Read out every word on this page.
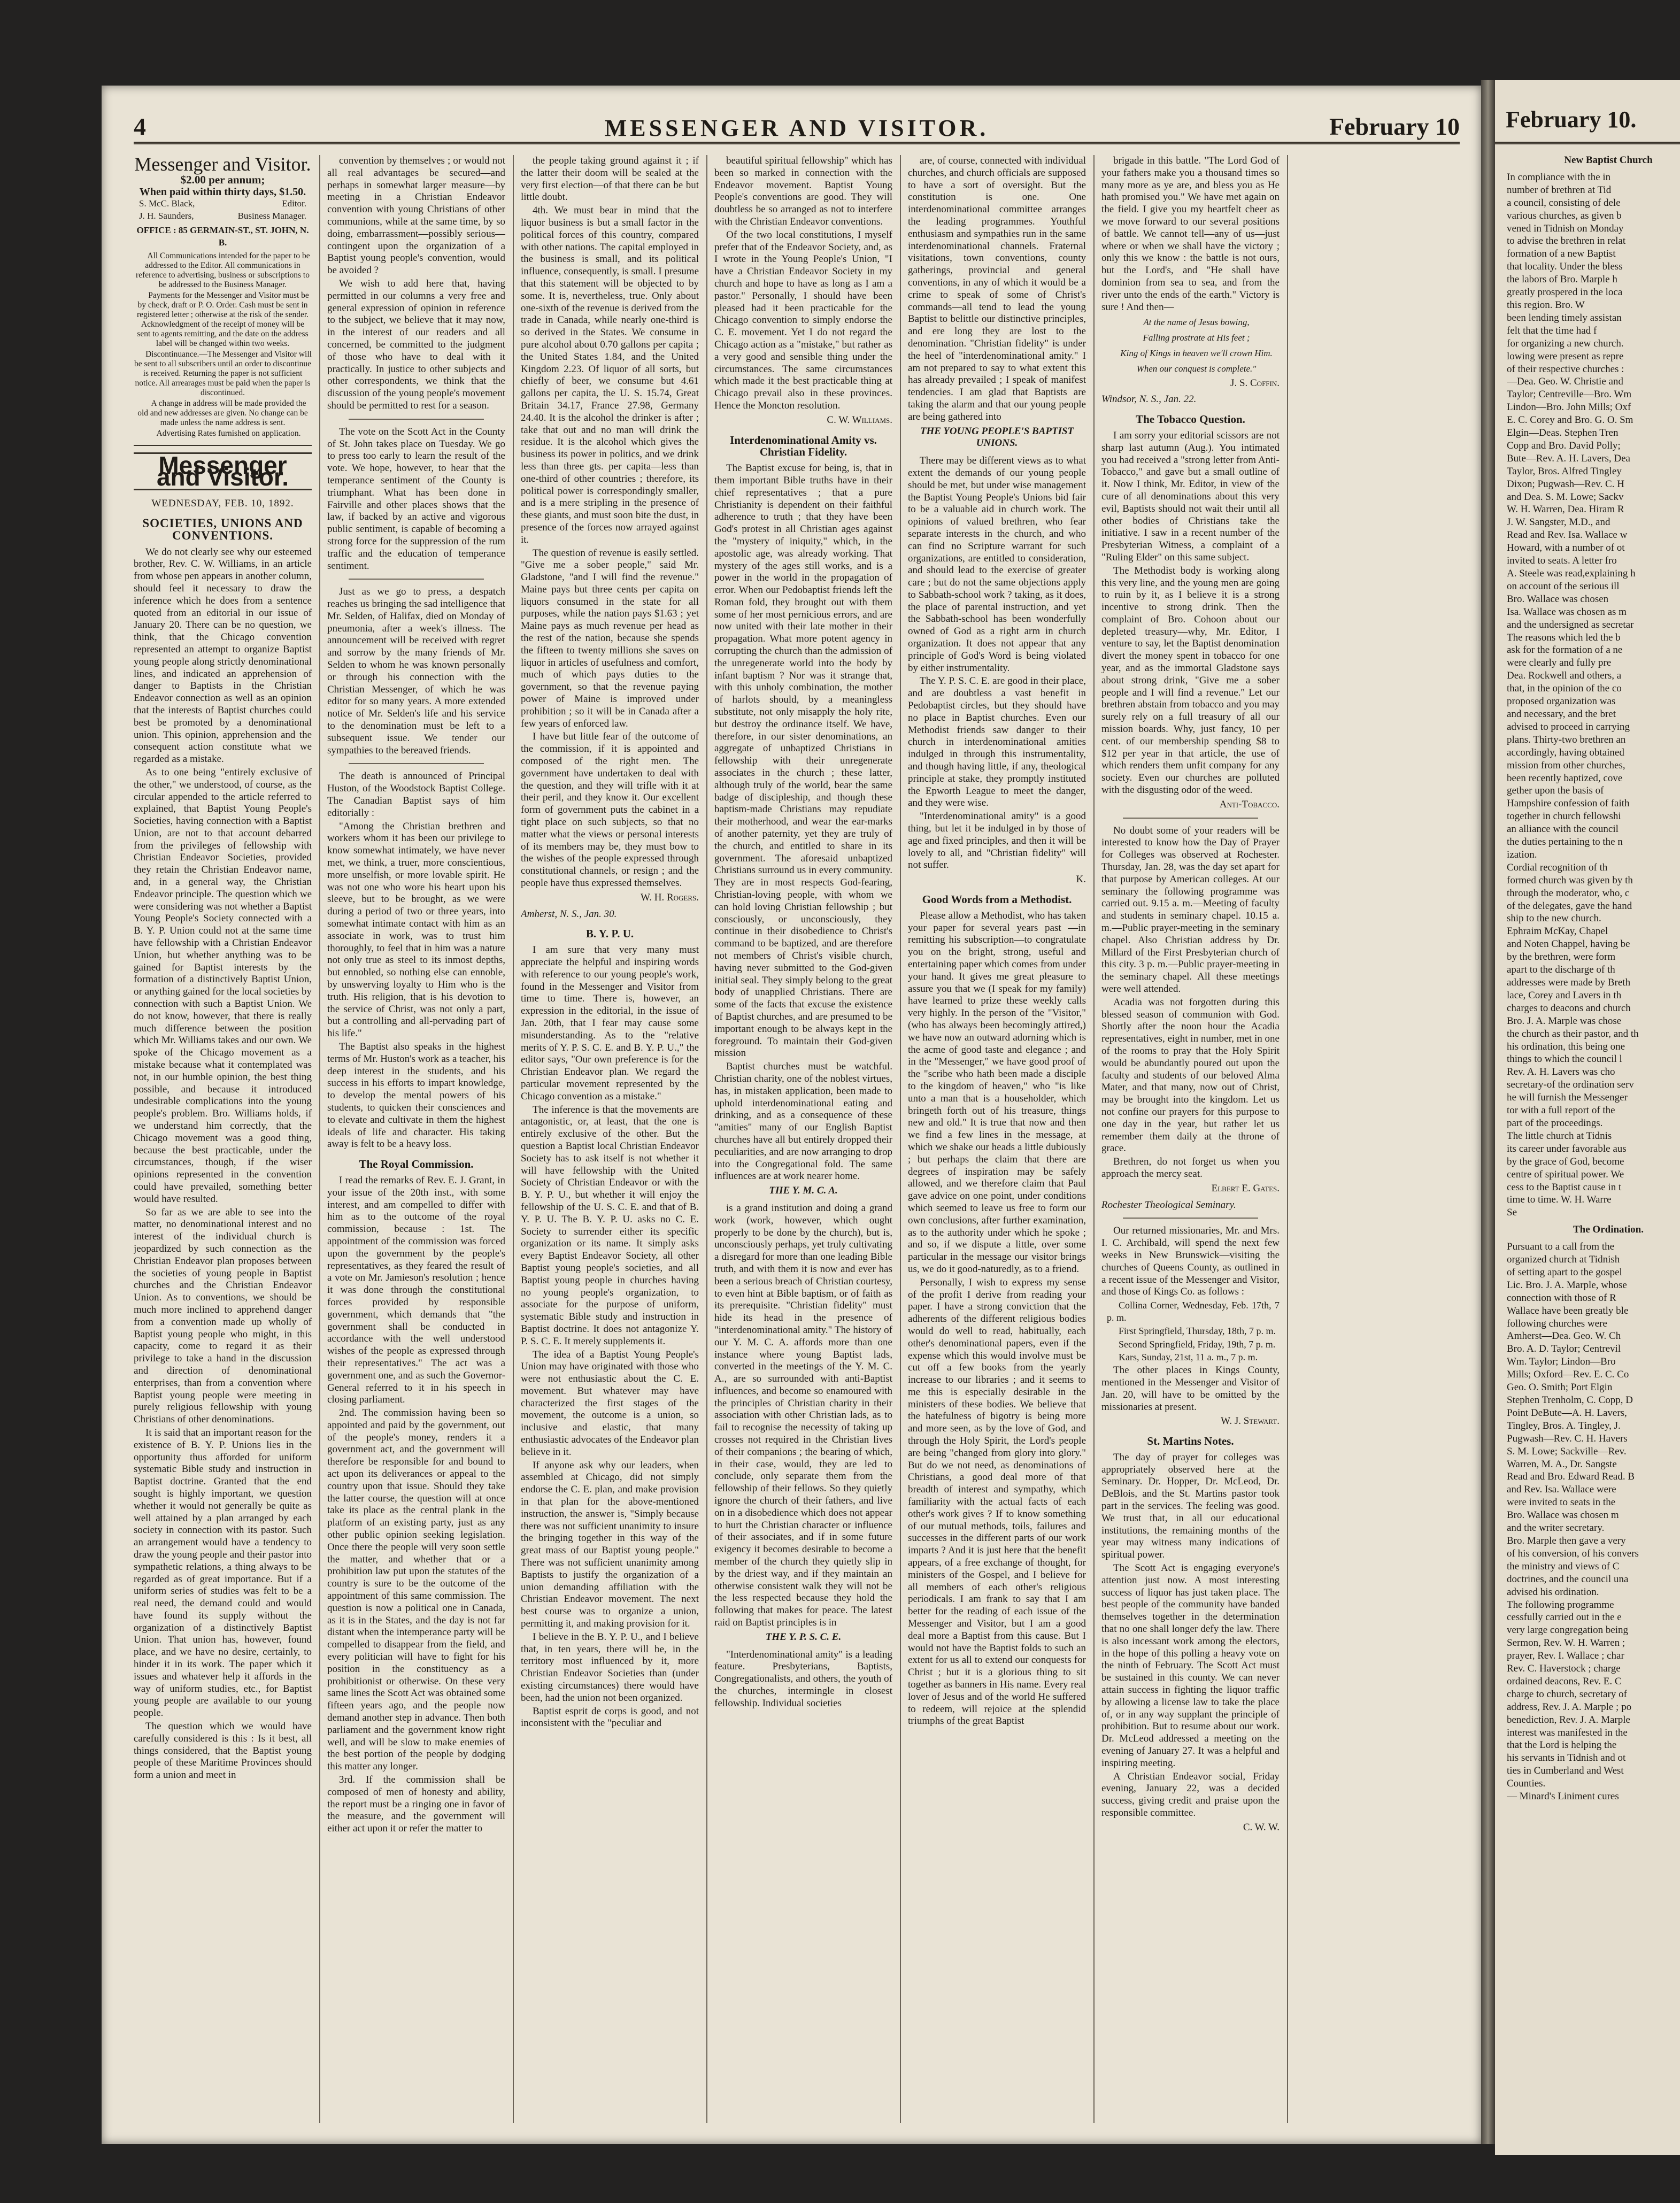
4	MESSENGER AND VISITOR.	February 10
Messenger and Visitor.
$2.00 per annum;
When paid within thirty days, $1.50.
S. McC. Black,	Editor.
J. H. Saunders,	Business Manager.
OFFICE : 85 GERMAIN-ST., ST. JOHN, N. B.

All Communications intended for the paper to be addressed to the Editor. All communications in reference to advertising, business or subscriptions to be addressed to the Business Manager.

Payments for the Messenger and Visitor must be by check, draft or P. O. Order. Cash must be sent in registered letter ; otherwise at the risk of the sender. Acknowledgment of the receipt of money will be sent to agents remitting, and the date on the address label will be changed within two weeks.

Discontinuance.—The Messenger and Visitor will be sent to all subscribers until an order to discontinue is received. Returning the paper is not sufficient notice. All arrearages must be paid when the paper is discontinued.

A change in address will be made provided the old and new addresses are given. No change can be made unless the name address is sent.

Advertising Rates furnished on application.

Messenger and Visitor.
WEDNESDAY, FEB. 10, 1892.
SOCIETIES, UNIONS AND CONVENTIONS.

We do not clearly see why our esteemed brother, Rev. C. W. Williams, in an article from whose pen appears in another column, should feel it necessary to draw the inference which he does from a sentence quoted from an editorial in our issue of January 20. There can be no question, we think, that the Chicago convention represented an attempt to organize Baptist young people along strictly denominational lines, and indicated an apprehension of danger to Baptists in the Christian Endeavor connection as well as an opinion that the interests of Baptist churches could best be promoted by a denominational union. This opinion, apprehension and the consequent action constitute what we regarded as a mistake.

As to one being "entirely exclusive of the other," we understood, of course, as the circular appended to the article referred to explained, that Baptist Young People's Societies, having connection with a Baptist Union, are not to that account debarred from the privileges of fellowship with Christian Endeavor Societies, provided they retain the Christian Endeavor name, and, in a general way, the Christian Endeavor principle. The question which we were considering was not whether a Baptist Young People's Society connected with a B. Y. P. Union could not at the same time have fellowship with a Christian Endeavor Union, but whether anything was to be gained for Baptist interests by the formation of a distinctively Baptist Union, or anything gained for the local societies by connection with such a Baptist Union. We do not know, however, that there is really much difference between the position which Mr. Williams takes and our own. We spoke of the Chicago movement as a mistake because what it contemplated was not, in our humble opinion, the best thing possible, and because it introduced undesirable complications into the young people's problem. Bro. Williams holds, if we understand him correctly, that the Chicago movement was a good thing, because the best practicable, under the circumstances, though, if the wiser opinions represented in the convention could have prevailed, something better would have resulted.

So far as we are able to see into the matter, no denominational interest and no interest of the individual church is jeopardized by such connection as the Christian Endeavor plan proposes between the societies of young people in Baptist churches and the Christian Endeavor Union. As to conventions, we should be much more inclined to apprehend danger from a convention made up wholly of Baptist young people who might, in this capacity, come to regard it as their privilege to take a hand in the discussion and direction of denominational enterprises, than from a convention where Baptist young people were meeting in purely religious fellowship with young Christians of other denominations.

It is said that an important reason for the existence of B. Y. P. Unions lies in the opportunity thus afforded for uniform systematic Bible study and instruction in Baptist doctrine. Granted that the end sought is highly important, we question whether it would not generally be quite as well attained by a plan arranged by each society in connection with its pastor. Such an arrangement would have a tendency to draw the young people and their pastor into sympathetic relations, a thing always to be regarded as of great importance. But if a uniform series of studies was felt to be a real need, the demand could and would have found its supply without the organization of a distinctively Baptist Union. That union has, however, found place, and we have no desire, certainly, to hinder it in its work. The paper which it issues and whatever help it affords in the way of uniform studies, etc., for Baptist young people are available to our young people.

The question which we would have carefully considered is this : Is it best, all things considered, that the Baptist young people of these Maritime Provinces should form a union and meet in

convention by themselves ; or would not all real advantages be secured—and perhaps in somewhat larger measure—by meeting in a Christian Endeavor convention with young Christians of other communions, while at the same time, by so doing, embarrassment—possibly serious—contingent upon the organization of a Baptist young people's convention, would be avoided ?

We wish to add here that, having permitted in our columns a very free and general expression of opinion in reference to the subject, we believe that it may now, in the interest of our readers and all concerned, be committed to the judgment of those who have to deal with it practically. In justice to other subjects and other correspondents, we think that the discussion of the young people's movement should be permitted to rest for a season.

The vote on the Scott Act in the County of St. John takes place on Tuesday. We go to press too early to learn the result of the vote. We hope, however, to hear that the temperance sentiment of the County is triumphant. What has been done in Fairville and other places shows that the law, if backed by an active and vigorous public sentiment, is capable of becoming a strong force for the suppression of the rum traffic and the education of temperance sentiment.

Just as we go to press, a despatch reaches us bringing the sad intelligence that Mr. Selden, of Halifax, died on Monday of pneumonia, after a week's illness. The announcement will be received with regret and sorrow by the many friends of Mr. Selden to whom he was known personally or through his connection with the Christian Messenger, of which he was editor for so many years. A more extended notice of Mr. Selden's life and his service to the denomination must be left to a subsequent issue. We tender our sympathies to the bereaved friends.

The death is announced of Principal Huston, of the Woodstock Baptist College. The Canadian Baptist says of him editorially :

"Among the Christian brethren and workers whom it has been our privilege to know somewhat intimately, we have never met, we think, a truer, more conscientious, more unselfish, or more lovable spirit. He was not one who wore his heart upon his sleeve, but to be brought, as we were during a period of two or three years, into somewhat intimate contact with him as an associate in work, was to trust him thoroughly, to feel that in him was a nature not only true as steel to its inmost depths, but ennobled, so nothing else can ennoble, by unswerving loyalty to Him who is the truth. His religion, that is his devotion to the service of Christ, was not only a part, but a controlling and all-pervading part of his life."

The Baptist also speaks in the highest terms of Mr. Huston's work as a teacher, his deep interest in the students, and his success in his efforts to impart knowledge, to develop the mental powers of his students, to quicken their consciences and to elevate and cultivate in them the highest ideals of life and character. His taking away is felt to be a heavy loss.

The Royal Commission.

I read the remarks of Rev. E. J. Grant, in your issue of the 20th inst., with some interest, and am compelled to differ with him as to the outcome of the royal commission, because : 1st. The appointment of the commission was forced upon the government by the people's representatives, as they feared the result of a vote on Mr. Jamieson's resolution ; hence it was done through the constitutional forces provided by responsible government, which demands that "the government shall be conducted in accordance with the well understood wishes of the people as expressed through their representatives." The act was a government one, and as such the Governor-General referred to it in his speech in closing parliament.

2nd. The commission having been so appointed and paid by the government, out of the people's money, renders it a government act, and the government will therefore be responsible for and bound to act upon its deliverances or appeal to the country upon that issue. Should they take the latter course, the question will at once take its place as the central plank in the platform of an existing party, just as any other public opinion seeking legislation. Once there the people will very soon settle the matter, and whether that or a prohibition law put upon the statutes of the country is sure to be the outcome of the appointment of this same commission. The question is now a political one in Canada, as it is in the States, and the day is not far distant when the intemperance party will be compelled to disappear from the field, and every politician will have to fight for his position in the constituency as a prohibitionist or otherwise. On these very same lines the Scott Act was obtained some fifteen years ago, and the people now demand another step in advance. Then both parliament and the government know right well, and will be slow to make enemies of the best portion of the people by dodging this matter any longer.

3rd. If the commission shall be composed of men of honesty and ability, the report must be a ringing one in favor of the measure, and the government will either act upon it or refer the matter to

the people taking ground against it ; if the latter their doom will be sealed at the very first election—of that there can be but little doubt.

4th. We must bear in mind that the liquor business is but a small factor in the political forces of this country, compared with other nations. The capital employed in the business is small, and its political influence, consequently, is small. I presume that this statement will be objected to by some. It is, nevertheless, true. Only about one-sixth of the revenue is derived from the trade in Canada, while nearly one-third is so derived in the States. We consume in pure alcohol about 0.70 gallons per capita ; the United States 1.84, and the United Kingdom 2.23. Of liquor of all sorts, but chiefly of beer, we consume but 4.61 gallons per capita, the U. S. 15.74, Great Britain 34.17, France 27.98, Germany 24.40. It is the alcohol the drinker is after ; take that out and no man will drink the residue. It is the alcohol which gives the business its power in politics, and we drink less than three gts. per capita—less than one-third of other countries ; therefore, its political power is correspondingly smaller, and is a mere stripling in the presence of these giants, and must soon bite the dust, in presence of the forces now arrayed against it.

The question of revenue is easily settled. "Give me a sober people," said Mr. Gladstone, "and I will find the revenue." Maine pays but three cents per capita on liquors consumed in the state for all purposes, while the nation pays $1.63 ; yet Maine pays as much revenue per head as the rest of the nation, because she spends the fifteen to twenty millions she saves on liquor in articles of usefulness and comfort, much of which pays duties to the government, so that the revenue paying power of Maine is improved under prohibition ; so it will be in Canada after a few years of enforced law.

I have but little fear of the outcome of the commission, if it is appointed and composed of the right men. The government have undertaken to deal with the question, and they will trifle with it at their peril, and they know it. Our excellent form of government puts the cabinet in a tight place on such subjects, so that no matter what the views or personal interests of its members may be, they must bow to the wishes of the people expressed through constitutional channels, or resign ; and the people have thus expressed themselves.

W. H. Rogers.
Amherst, N. S., Jan. 30.
B. Y. P. U.

I am sure that very many must appreciate the helpful and inspiring words with reference to our young people's work, found in the Messenger and Visitor from time to time. There is, however, an expression in the editorial, in the issue of Jan. 20th, that I fear may cause some misunderstanding. As to the "relative merits of Y. P. S. C. E. and B. Y. P. U.," the editor says, "Our own preference is for the Christian Endeavor plan. We regard the particular movement represented by the Chicago convention as a mistake."

The inference is that the movements are antagonistic, or, at least, that the one is entirely exclusive of the other. But the question a Baptist local Christian Endeavor Society has to ask itself is not whether it will have fellowship with the United Society of Christian Endeavor or with the B. Y. P. U., but whether it will enjoy the fellowship of the U. S. C. E. and that of B. Y. P. U. The B. Y. P. U. asks no C. E. Society to surrender either its specific organization or its name. It simply asks every Baptist Endeavor Society, all other Baptist young people's societies, and all Baptist young people in churches having no young people's organization, to associate for the purpose of uniform, systematic Bible study and instruction in Baptist doctrine. It does not antagonize Y. P. S. C. E. It merely supplements it.

The idea of a Baptist Young People's Union may have originated with those who were not enthusiastic about the C. E. movement. But whatever may have characterized the first stages of the movement, the outcome is a union, so inclusive and elastic, that many enthusiastic advocates of the Endeavor plan believe in it.

If anyone ask why our leaders, when assembled at Chicago, did not simply endorse the C. E. plan, and make provision in that plan for the above-mentioned instruction, the answer is, "Simply because there was not sufficient unanimity to insure the bringing together in this way of the great mass of our Baptist young people." There was not sufficient unanimity among Baptists to justify the organization of a union demanding affiliation with the Christian Endeavor movement. The next best course was to organize a union, permitting it, and making provision for it.

I believe in the B. Y. P. U., and I believe that, in ten years, there will be, in the territory most influenced by it, more Christian Endeavor Societies than (under existing circumstances) there would have been, had the union not been organized.

Baptist esprit de corps is good, and not inconsistent with the "peculiar and

beautiful spiritual fellowship" which has been so marked in connection with the Endeavor movement. Baptist Young People's conventions are good. They will doubtless be so arranged as not to interfere with the Christian Endeavor conventions.

Of the two local constitutions, I myself prefer that of the Endeavor Society, and, as I wrote in the Young People's Union, "I have a Christian Endeavor Society in my church and hope to have as long as I am a pastor." Personally, I should have been pleased had it been practicable for the Chicago convention to simply endorse the C. E. movement. Yet I do not regard the Chicago action as a "mistake," but rather as a very good and sensible thing under the circumstances. The same circumstances which made it the best practicable thing at Chicago prevail also in these provinces. Hence the Moncton resolution.

C. W. Williams.
Interdenominational Amity vs. Christian Fidelity.

The Baptist excuse for being, is, that in them important Bible truths have in their chief representatives ; that a pure Christianity is dependent on their faithful adherence to truth ; that they have been God's protest in all Christian ages against the "mystery of iniquity," which, in the apostolic age, was already working. That mystery of the ages still works, and is a power in the world in the propagation of error. When our Pedobaptist friends left the Roman fold, they brought out with them some of her most pernicious errors, and are now united with their late mother in their propagation. What more potent agency in corrupting the church than the admission of the unregenerate world into the body by infant baptism ? Nor was it strange that, with this unholy combination, the mother of harlots should, by a meaningless substitute, not only misapply the holy rite, but destroy the ordinance itself. We have, therefore, in our sister denominations, an aggregate of unbaptized Christians in fellowship with their unregenerate associates in the church ; these latter, although truly of the world, bear the same badge of discipleship, and though these baptism-made Christians may repudiate their motherhood, and wear the ear-marks of another paternity, yet they are truly of the church, and entitled to share in its government. The aforesaid unbaptized Christians surround us in every community. They are in most respects God-fearing, Christian-loving people, with whom we can hold loving Christian fellowship ; but consciously, or unconsciously, they continue in their disobedience to Christ's command to be baptized, and are therefore not members of Christ's visible church, having never submitted to the God-given initial seal. They simply belong to the great body of unapplied Christians. There are some of the facts that excuse the existence of Baptist churches, and are presumed to be important enough to be always kept in the foreground. To maintain their God-given mission

Baptist churches must be watchful. Christian charity, one of the noblest virtues, has, in mistaken application, been made to uphold interdenominational eating and drinking, and as a consequence of these "amities" many of our English Baptist churches have all but entirely dropped their peculiarities, and are now arranging to drop into the Congregational fold. The same influences are at work nearer home.

THE Y. M. C. A.

is a grand institution and doing a grand work (work, however, which ought properly to be done by the church), but is, unconsciously perhaps, yet truly cultivating a disregard for more than one leading Bible truth, and with them it is now and ever has been a serious breach of Christian courtesy, to even hint at Bible baptism, or of faith as its prerequisite. "Christian fidelity" must hide its head in the presence of "interdenominational amity." The history of our Y. M. C. A. affords more than one instance where young Baptist lads, converted in the meetings of the Y. M. C. A., are so surrounded with anti-Baptist influences, and become so enamoured with the principles of Christian charity in their association with other Christian lads, as to fail to recognise the necessity of taking up crosses not required in the Christian lives of their companions ; the bearing of which, in their case, would, they are led to conclude, only separate them from the fellowship of their fellows. So they quietly ignore the church of their fathers, and live on in a disobedience which does not appear to hurt the Christian character or influence of their associates, and if in some future exigency it becomes desirable to become a member of the church they quietly slip in by the driest way, and if they maintain an otherwise consistent walk they will not be the less respected because they hold the following that makes for peace. The latest raid on Baptist principles is in

THE Y. P. S. C. E.

"Interdenominational amity" is a leading feature. Presbyterians, Baptists, Congregationalists, and others, the youth of the churches, intermingle in closest fellowship. Individual societies

are, of course, connected with individual churches, and church officials are supposed to have a sort of oversight. But the constitution is one. One interdenominational committee arranges the leading programmes. Youthful enthusiasm and sympathies run in the same interdenominational channels. Fraternal visitations, town conventions, county gatherings, provincial and general conventions, in any of which it would be a crime to speak of some of Christ's commands—all tend to lead the young Baptist to belittle our distinctive principles, and ere long they are lost to the denomination. "Christian fidelity" is under the heel of "interdenominational amity." I am not prepared to say to what extent this has already prevailed ; I speak of manifest tendencies. I am glad that Baptists are taking the alarm and that our young people are being gathered into

THE YOUNG PEOPLE'S BAPTIST UNIONS.

There may be different views as to what extent the demands of our young people should be met, but under wise management the Baptist Young People's Unions bid fair to be a valuable aid in church work. The opinions of valued brethren, who fear separate interests in the church, and who can find no Scripture warrant for such organizations, are entitled to consideration, and should lead to the exercise of greater care ; but do not the same objections apply to Sabbath-school work ? taking, as it does, the place of parental instruction, and yet the Sabbath-school has been wonderfully owned of God as a right arm in church organization. It does not appear that any principle of God's Word is being violated by either instrumentality.

The Y. P. S. C. E. are good in their place, and are doubtless a vast benefit in Pedobaptist circles, but they should have no place in Baptist churches. Even our Methodist friends saw danger to their church in interdenominational amities indulged in through this instrumentality, and though having little, if any, theological principle at stake, they promptly instituted the Epworth League to meet the danger, and they were wise.

"Interdenominational amity" is a good thing, but let it be indulged in by those of age and fixed principles, and then it will be lovely to all, and "Christian fidelity" will not suffer.

K.
Good Words from a Methodist.

Please allow a Methodist, who has taken your paper for several years past —in remitting his subscription—to congratulate you on the bright, strong, useful and entertaining paper which comes from under your hand. It gives me great pleasure to assure you that we (I speak for my family) have learned to prize these weekly calls very highly. In the person of the "Visitor," (who has always been becomingly attired,) we have now an outward adorning which is the acme of good taste and elegance ; and in the "Messenger," we have good proof of the "scribe who hath been made a disciple to the kingdom of heaven," who "is like unto a man that is a householder, which bringeth forth out of his treasure, things new and old." It is true that now and then we find a few lines in the message, at which we shake our heads a little dubiously ; but perhaps the claim that there are degrees of inspiration may be safely allowed, and we therefore claim that Paul gave advice on one point, under conditions which seemed to leave us free to form our own conclusions, after further examination, as to the authority under which he spoke ; and so, if we dispute a little, over some particular in the message our visitor brings us, we do it good-naturedly, as to a friend.

Personally, I wish to express my sense of the profit I derive from reading your paper. I have a strong conviction that the adherents of the different religious bodies would do well to read, habitually, each other's denominational papers, even if the expense which this would involve must be cut off a few books from the yearly increase to our libraries ; and it seems to me this is especially desirable in the ministers of these bodies. We believe that the hatefulness of bigotry is being more and more seen, as by the love of God, and through the Holy Spirit, the Lord's people are being "changed from glory into glory." But do we not need, as denominations of Christians, a good deal more of that breadth of interest and sympathy, which familiarity with the actual facts of each other's work gives ? If to know something of our mutual methods, toils, failures and successes in the different parts of our work imparts ? And it is just here that the benefit appears, of a free exchange of thought, for ministers of the Gospel, and I believe for all members of each other's religious periodicals. I am frank to say that I am better for the reading of each issue of the Messenger and Visitor, but I am a good deal more a Baptist from this cause. But I would not have the Baptist folds to such an extent for us all to extend our conquests for Christ ; but it is a glorious thing to sit together as banners in His name. Every real lover of Jesus and of the world He suffered to redeem, will rejoice at the splendid triumphs of the great Baptist

brigade in this battle. "The Lord God of your fathers make you a thousand times so many more as ye are, and bless you as He hath promised you." We have met again on the field. I give you my heartfelt cheer as we move forward to our several positions of battle. We cannot tell—any of us—just where or when we shall have the victory ; only this we know : the battle is not ours, but the Lord's, and "He shall have dominion from sea to sea, and from the river unto the ends of the earth." Victory is sure ! And then—

At the name of Jesus bowing,

Falling prostrate at His feet ;

King of Kings in heaven we'll crown Him.

When our conquest is complete."

J. S. Coffin.
Windsor, N. S., Jan. 22.
The Tobacco Question.

I am sorry your editorial scissors are not sharp last autumn (Aug.). You intimated you had received a "strong letter from Anti-Tobacco," and gave but a small outline of it. Now I think, Mr. Editor, in view of the cure of all denominations about this very evil, Baptists should not wait their until all other bodies of Christians take the initiative. I saw in a recent number of the Presbyterian Witness, a complaint of a "Ruling Elder" on this same subject.

The Methodist body is working along this very line, and the young men are going to ruin by it, as I believe it is a strong incentive to strong drink. Then the complaint of Bro. Cohoon about our depleted treasury—why, Mr. Editor, I venture to say, let the Baptist denomination divert the money spent in tobacco for one year, and as the immortal Gladstone says about strong drink, "Give me a sober people and I will find a revenue." Let our brethren abstain from tobacco and you may surely rely on a full treasury of all our mission boards. Why, just fancy, 10 per cent. of our membership spending $8 to $12 per year in that article, the use of which renders them unfit company for any society. Even our churches are polluted with the disgusting odor of the weed.

Anti-Tobacco.

No doubt some of your readers will be interested to know how the Day of Prayer for Colleges was observed at Rochester. Thursday, Jan. 28, was the day set apart for that purpose by American colleges. At our seminary the following programme was carried out. 9.15 a. m.—Meeting of faculty and students in seminary chapel. 10.15 a. m.—Public prayer-meeting in the seminary chapel. Also Christian address by Dr. Millard of the First Presbyterian church of this city. 3 p. m.—Public prayer-meeting in the seminary chapel. All these meetings were well attended.

Acadia was not forgotten during this blessed season of communion with God. Shortly after the noon hour the Acadia representatives, eight in number, met in one of the rooms to pray that the Holy Spirit would be abundantly poured out upon the faculty and students of our beloved Alma Mater, and that many, now out of Christ, may be brought into the kingdom. Let us not confine our prayers for this purpose to one day in the year, but rather let us remember them daily at the throne of grace.

Brethren, do not forget us when you approach the mercy seat.

Elbert E. Gates.
Rochester Theological Seminary.

Our returned missionaries, Mr. and Mrs. I. C. Archibald, will spend the next few weeks in New Brunswick—visiting the churches of Queens County, as outlined in a recent issue of the Messenger and Visitor, and those of Kings Co. as follows :

Collina Corner, Wednesday, Feb. 17th, 7 p. m.

First Springfield, Thursday, 18th, 7 p. m.

Second Springfield, Friday, 19th, 7 p. m.

Kars, Sunday, 21st, 11 a. m., 7 p. m.

The other places in Kings County, mentioned in the Messenger and Visitor of Jan. 20, will have to be omitted by the missionaries at present.

W. J. Stewart.
St. Martins Notes.

The day of prayer for colleges was appropriately observed here at the Seminary. Dr. Hopper, Dr. McLeod, Dr. DeBlois, and the St. Martins pastor took part in the services. The feeling was good. We trust that, in all our educational institutions, the remaining months of the year may witness many indications of spiritual power.

The Scott Act is engaging everyone's attention just now. A most interesting success of liquor has just taken place. The best people of the community have banded themselves together in the determination that no one shall longer defy the law. There is also incessant work among the electors, in the hope of this polling a heavy vote on the ninth of February. The Scott Act must be sustained in this county. We can never attain success in fighting the liquor traffic by allowing a license law to take the place of, or in any way supplant the principle of prohibition. But to resume about our work. Dr. McLeod addressed a meeting on the evening of January 27. It was a helpful and inspiring meeting.

A Christian Endeavor social, Friday evening, January 22, was a decided success, giving credit and praise upon the responsible committee.

C. W. W.
February 10.
New Baptist Church
In compliance with the in
number of brethren at Tid
a council, consisting of dele
various churches, as given b
vened in Tidnish on Monday
to advise the brethren in relat
formation of a new Baptist
that locality. Under the bless
the labors of Bro. Marple h
greatly prospered in the loca
this region. Bro. W
been lending timely assistan
felt that the time had f
for organizing a new church.
lowing were present as repre
of their respective churches :
—Dea. Geo. W. Christie and
Taylor; Centreville—Bro. Wm
Lindon—Bro. John Mills; Oxf
E. C. Corey and Bro. G. O. Sm
Elgin—Deas. Stephen Tren
Copp and Bro. David Polly;
Bute—Rev. A. H. Lavers, Dea
Taylor, Bros. Alfred Tingley
Dixon; Pugwash—Rev. C. H
and Dea. S. M. Lowe; Sackv
W. H. Warren, Dea. Hiram R
J. W. Sangster, M.D., and
Read and Rev. Isa. Wallace w
Howard, with a number of ot
invited to seats. A letter fro
A. Steele was read,explaining h
on account of the serious ill
Bro. Wallace was chosen
Isa. Wallace was chosen as m
and the undersigned as secretar
The reasons which led the b
ask for the formation of a ne
were clearly and fully pre
Dea. Rockwell and others, a
that, in the opinion of the co
proposed organization was
and necessary, and the bret
advised to proceed in carrying
plans. Thirty-two brethren an
accordingly, having obtained
mission from other churches,
been recently baptized, cove
gether upon the basis of
Hampshire confession of faith
together in church fellowshi
an alliance with the council
the duties pertaining to the n
ization.
Cordial recognition of th
formed church was given by th
through the moderator, who, c
of the delegates, gave the hand
ship to the new church.
Ephraim McKay, Chapel
and Noten Chappel, having be
by the brethren, were form
apart to the discharge of th
addresses were made by Breth
lace, Corey and Lavers in th
charges to deacons and church
Bro. J. A. Marple was chose
the church as their pastor, and th
his ordination, this being one
things to which the council l
Rev. A. H. Lavers was cho
secretary-of the ordination serv
he will furnish the Messenger
tor with a full report of the
part of the proceedings.
The little church at Tidnis
its career under favorable aus
by the grace of God, become
centre of spiritual power. We
cess to the Baptist cause in t
time to time. W. H. Warre
Se
The Ordination.
Pursuant to a call from the
organized church at Tidnish
of setting apart to the gospel
Lic. Bro. J. A. Marple, whose
connection with those of R
Wallace have been greatly ble
following churches were
Amherst—Dea. Geo. W. Ch
Bro. A. D. Taylor; Centrevil
Wm. Taylor; Lindon—Bro
Mills; Oxford—Rev. E. C. Co
Geo. O. Smith; Port Elgin
Stephen Trenholm, C. Copp, D
Point DeBute—A. H. Lavers,
Tingley, Bros. A. Tingley, J.
Pugwash—Rev. C. H. Havers
S. M. Lowe; Sackville—Rev.
Warren, M. A., Dr. Sangste
Read and Bro. Edward Read. B
and Rev. Isa. Wallace were
were invited to seats in the
Bro. Wallace was chosen m
and the writer secretary.
Bro. Marple then gave a very
of his conversion, of his convers
the ministry and views of C
doctrines, and the council una
advised his ordination.
The following programme
cessfully carried out in the e
very large congregation being
Sermon, Rev. W. H. Warren ;
prayer, Rev. I. Wallace ; char
Rev. C. Haverstock ; charge
ordained deacons, Rev. E. C
charge to church, secretary of
address, Rev. J. A. Marple ; po
benediction, Rev. J. A. Marple
interest was manifested in the
that the Lord is helping the
his servants in Tidnish and ot
ties in Cumberland and West
Counties.
— Minard's Liniment cures
